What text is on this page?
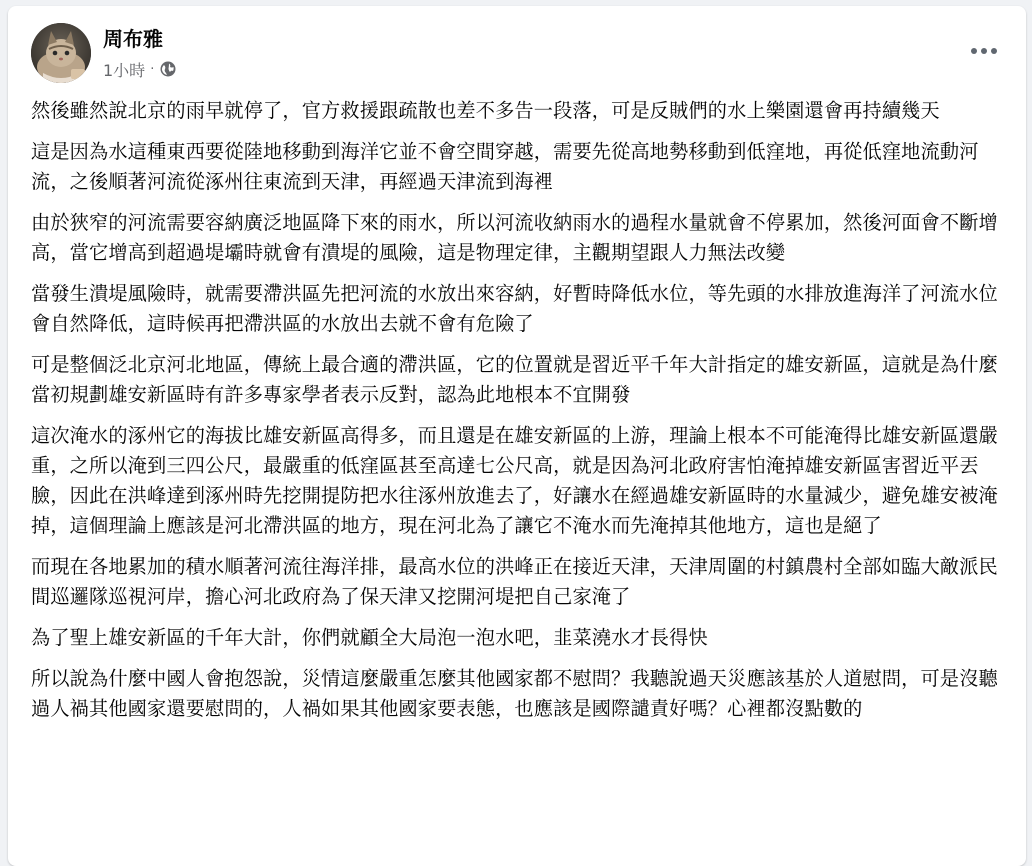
周布雅
1小時 ·

然後雖然說北京的雨早就停了，官方救援跟疏散也差不多告一段落，可是反賊們的水上樂園還會再持續幾天

這是因為水這種東西要從陸地移動到海洋它並不會空間穿越，需要先從高地勢移動到低窪地，再從低窪地流動河流，之後順著河流從涿州往東流到天津，再經過天津流到海裡

由於狹窄的河流需要容納廣泛地區降下來的雨水，所以河流收納雨水的過程水量就會不停累加，然後河面會不斷增高，當它增高到超過堤壩時就會有潰堤的風險，這是物理定律，主觀期望跟人力無法改變

當發生潰堤風險時，就需要滯洪區先把河流的水放出來容納，好暫時降低水位，等先頭的水排放進海洋了河流水位會自然降低，這時候再把滯洪區的水放出去就不會有危險了

可是整個泛北京河北地區，傳統上最合適的滯洪區，它的位置就是習近平千年大計指定的雄安新區，這就是為什麼當初規劃雄安新區時有許多專家學者表示反對，認為此地根本不宜開發

這次淹水的涿州它的海拔比雄安新區高得多，而且還是在雄安新區的上游，理論上根本不可能淹得比雄安新區還嚴重，之所以淹到三四公尺，最嚴重的低窪區甚至高達七公尺高，就是因為河北政府害怕淹掉雄安新區害習近平丟臉，因此在洪峰達到涿州時先挖開提防把水往涿州放進去了，好讓水在經過雄安新區時的水量減少，避免雄安被淹掉，這個理論上應該是河北滯洪區的地方，現在河北為了讓它不淹水而先淹掉其他地方，這也是絕了

而現在各地累加的積水順著河流往海洋排，最高水位的洪峰正在接近天津，天津周圍的村鎮農村全部如臨大敵派民間巡邏隊巡視河岸，擔心河北政府為了保天津又挖開河堤把自己家淹了

為了聖上雄安新區的千年大計，你們就顧全大局泡一泡水吧，韭菜澆水才長得快

所以說為什麼中國人會抱怨說，災情這麼嚴重怎麼其他國家都不慰問？我聽說過天災應該基於人道慰問，可是沒聽過人禍其他國家還要慰問的，人禍如果其他國家要表態，也應該是國際譴責好嗎？心裡都沒點數的
